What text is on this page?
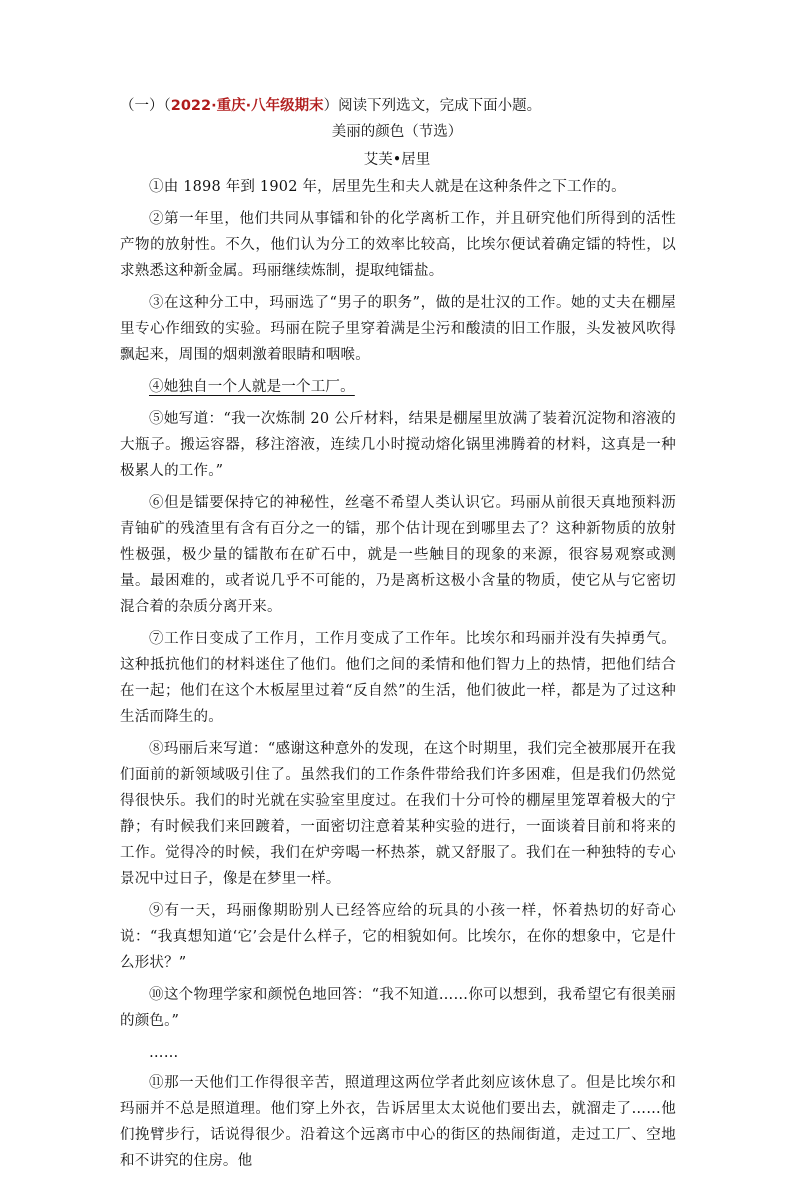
（一）（2022·重庆·八年级期末）阅读下列选文，完成下面小题。
美丽的颜色（节选）
艾芙•居里

①由 1898 年到 1902 年，居里先生和夫人就是在这种条件之下工作的。

②第一年里，他们共同从事镭和钋的化学离析工作，并且研究他们所得到的活性产物的放射性。不久，他们认为分工的效率比较高，比埃尔便试着确定镭的特性，以求熟悉这种新金属。玛丽继续炼制，提取纯镭盐。

③在这种分工中，玛丽选了“男子的职务”，做的是壮汉的工作。她的丈夫在棚屋里专心作细致的实验。玛丽在院子里穿着满是尘污和酸渍的旧工作服，头发被风吹得飘起来，周围的烟刺激着眼睛和咽喉。

④她独自一个人就是一个工厂。

⑤她写道：“我一次炼制 20 公斤材料，结果是棚屋里放满了装着沉淀物和溶液的大瓶子。搬运容器，移注溶液，连续几小时搅动熔化锅里沸腾着的材料，这真是一种极累人的工作。”

⑥但是镭要保持它的神秘性，丝毫不希望人类认识它。玛丽从前很天真地预料沥青铀矿的残渣里有含有百分之一的镭，那个估计现在到哪里去了？这种新物质的放射性极强，极少量的镭散布在矿石中，就是一些触目的现象的来源，很容易观察或测量。最困难的，或者说几乎不可能的，乃是离析这极小含量的物质，使它从与它密切混合着的杂质分离开来。

⑦工作日变成了工作月，工作月变成了工作年。比埃尔和玛丽并没有失掉勇气。这种抵抗他们的材料迷住了他们。他们之间的柔情和他们智力上的热情，把他们结合在一起；他们在这个木板屋里过着“反自然”的生活，他们彼此一样，都是为了过这种生活而降生的。

⑧玛丽后来写道：“感谢这种意外的发现，在这个时期里，我们完全被那展开在我们面前的新领域吸引住了。虽然我们的工作条件带给我们许多困难，但是我们仍然觉得很快乐。我们的时光就在实验室里度过。在我们十分可怜的棚屋里笼罩着极大的宁静；有时候我们来回踱着，一面密切注意着某种实验的进行，一面谈着目前和将来的工作。觉得冷的时候，我们在炉旁喝一杯热茶，就又舒服了。我们在一种独特的专心景况中过日子，像是在梦里一样。

⑨有一天，玛丽像期盼别人已经答应给的玩具的小孩一样，怀着热切的好奇心说：“我真想知道‘它’会是什么样子，它的相貌如何。比埃尔，在你的想象中，它是什么形状？”

⑩这个物理学家和颜悦色地回答：“我不知道……你可以想到，我希望它有很美丽的颜色。”

……

⑪那一天他们工作得很辛苦，照道理这两位学者此刻应该休息了。但是比埃尔和玛丽并不总是照道理。他们穿上外衣，告诉居里太太说他们要出去，就溜走了……他们挽臂步行，话说得很少。沿着这个远离市中心的街区的热闹街道，走过工厂、空地和不讲究的住房。他
